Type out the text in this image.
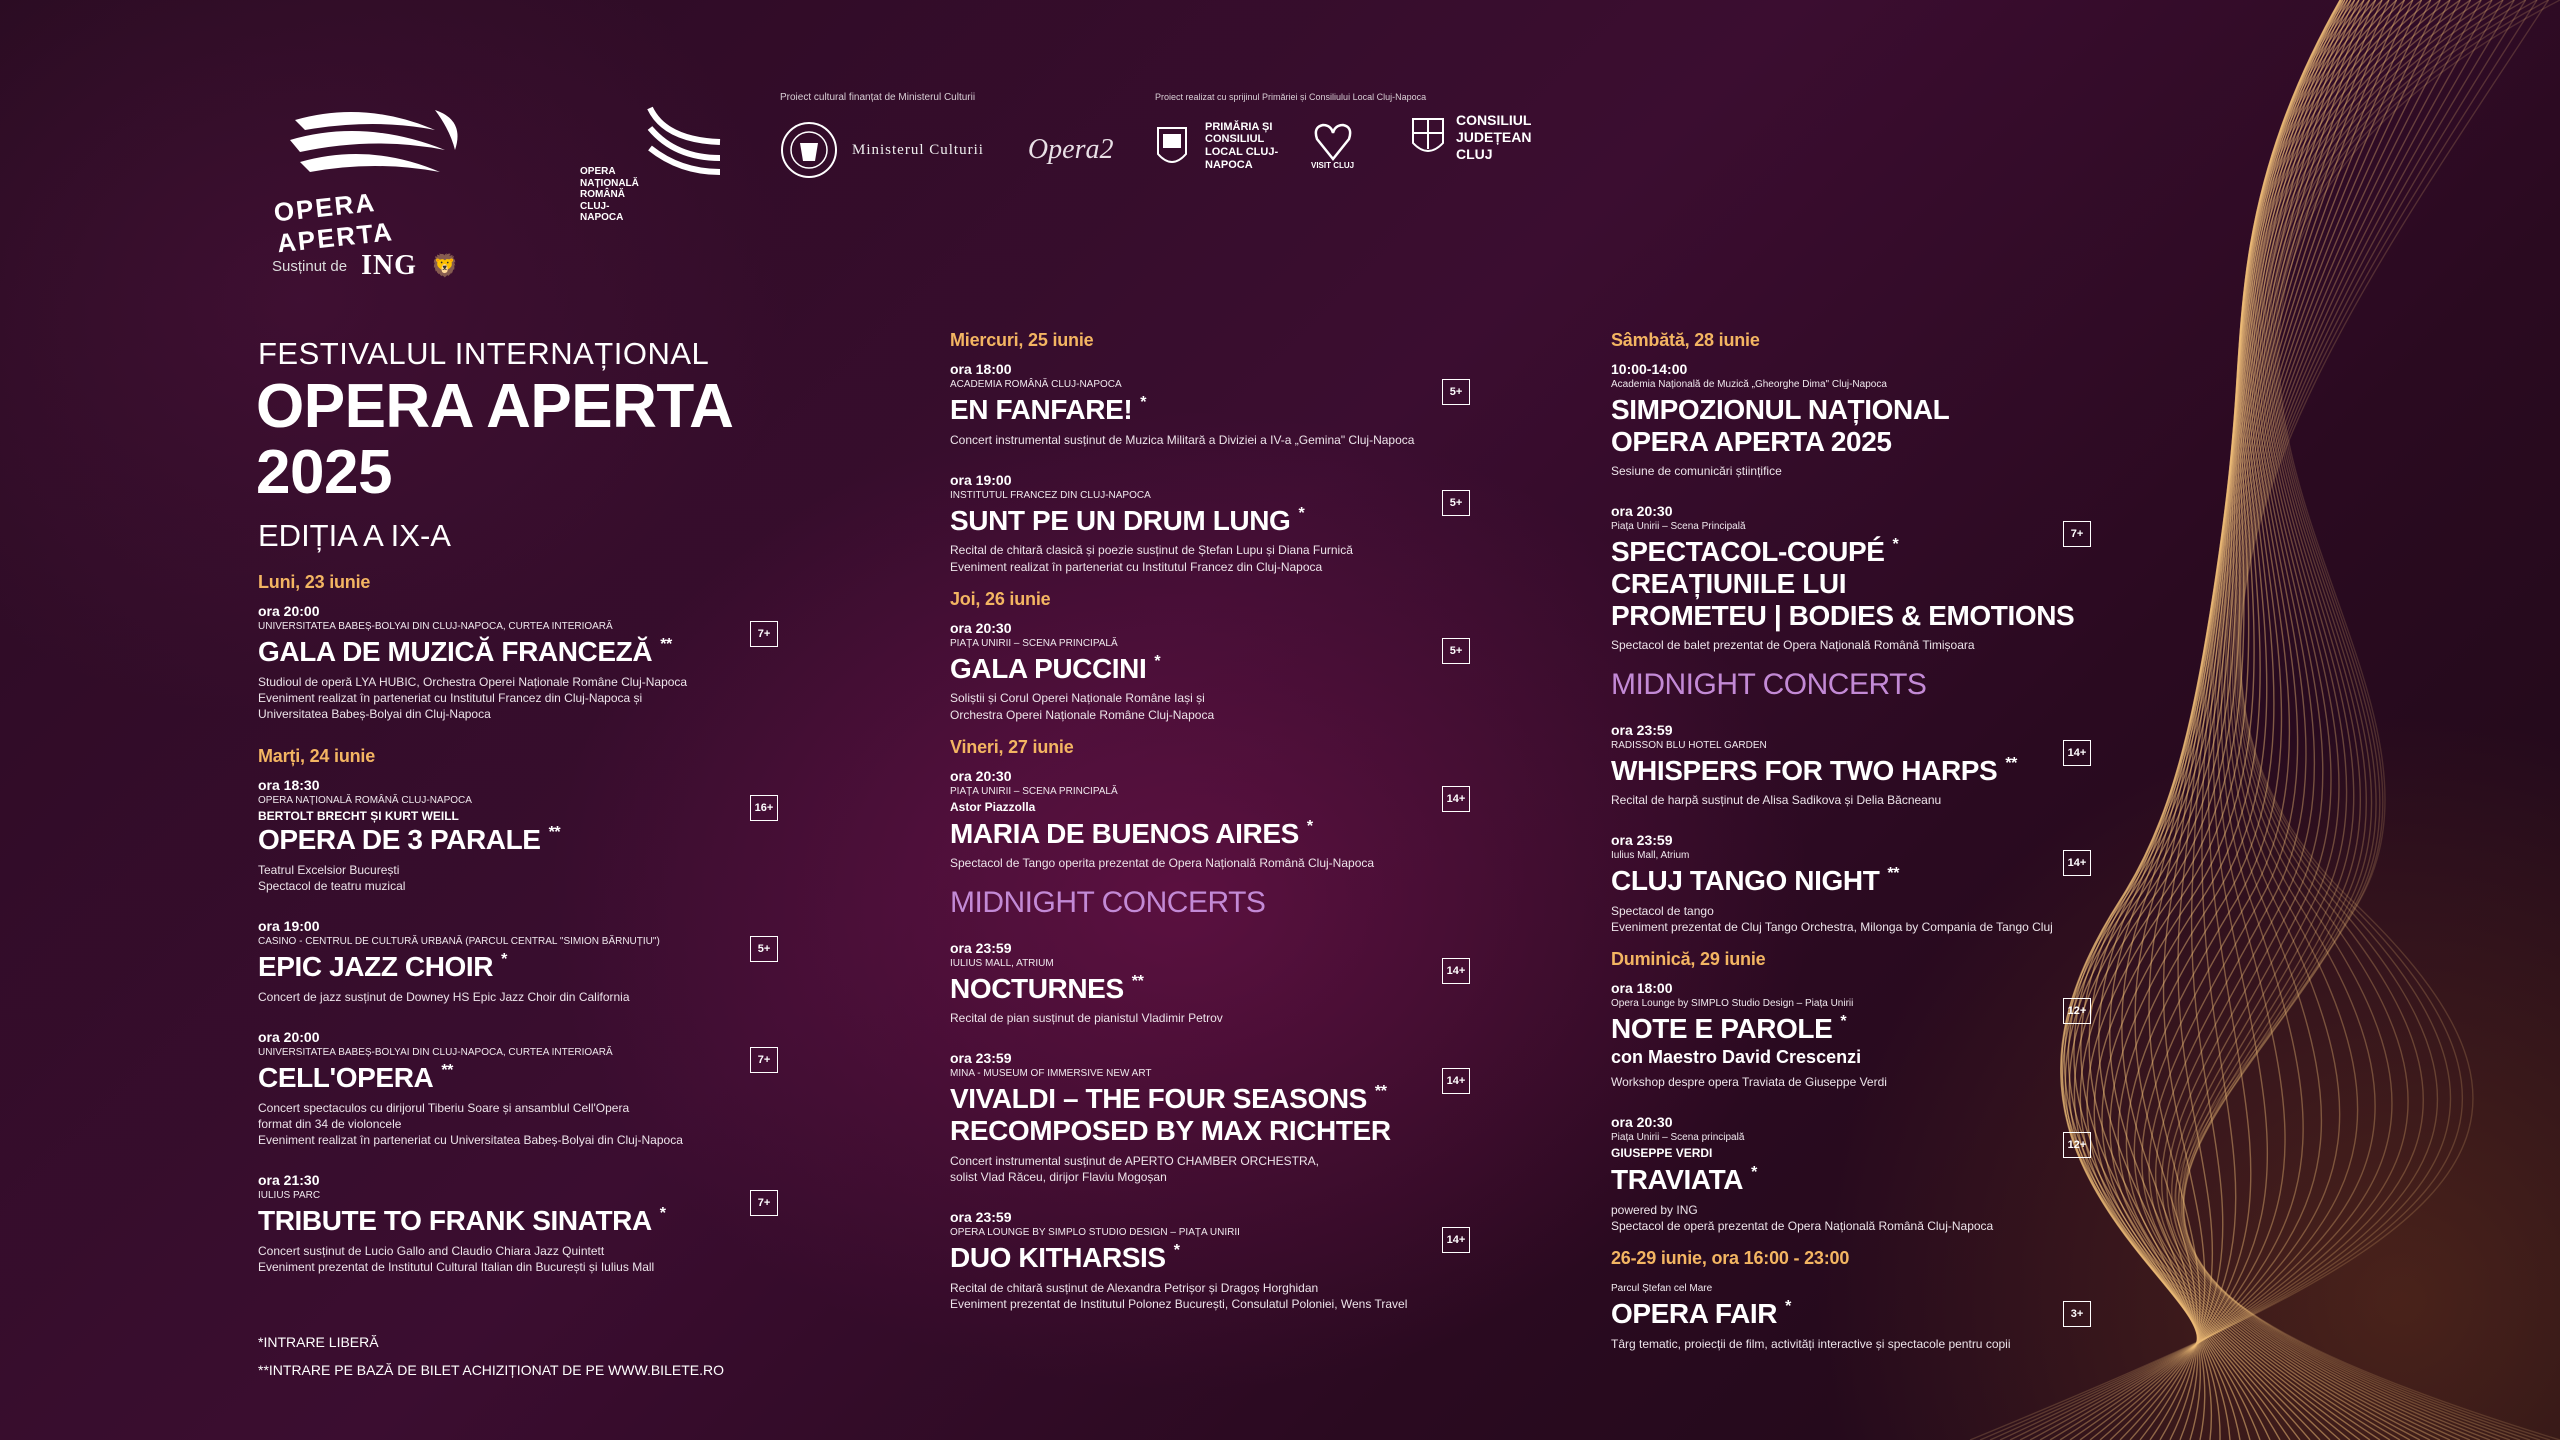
OPERA APERTA
OPERA NAȚIONALĂ ROMÂNĂ CLUJ-NAPOCA
Susținut de ING 🦁
Proiect cultural finanțat de Ministerul Culturii
Ministerul Culturii Opera2
Proiect realizat cu sprijinul Primăriei și Consiliului Local Cluj-Napoca
PRIMĂRIA ȘI CONSILIUL LOCAL CLUJ-NAPOCA	VISIT CLUJ
CONSILIUL JUDEȚEAN CLUJ
FESTIVALUL INTERNAȚIONAL
OPERA APERTA
2025
EDIȚIA A IX-A
Luni, 23 iunie
ora 20:00
UNIVERSITATEA BABEȘ-BOLYAI DIN CLUJ-NAPOCA, CURTEA INTERIOARĂ
GALA DE MUZICĂ FRANCEZĂ **
Studioul de operă LYA HUBIC, Orchestra Operei Naționale Române Cluj-Napoca
Eveniment realizat în parteneriat cu Institutul Francez din Cluj-Napoca și
Universitatea Babeș-Bolyai din Cluj-Napoca
7+
Marți, 24 iunie
ora 18:30
OPERA NAȚIONALĂ ROMÂNĂ CLUJ-NAPOCA
BERTOLT BRECHT ȘI KURT WEILL
OPERA DE 3 PARALE **
Teatrul Excelsior București
Spectacol de teatru muzical
16+
ora 19:00
CASINO - CENTRUL DE CULTURĂ URBANĂ (PARCUL CENTRAL "SIMION BĂRNUȚIU")
EPIC JAZZ CHOIR *
Concert de jazz susținut de Downey HS Epic Jazz Choir din California
5+
ora 20:00
UNIVERSITATEA BABEȘ-BOLYAI DIN CLUJ-NAPOCA, CURTEA INTERIOARĂ
CELL'OPERA **
Concert spectaculos cu dirijorul Tiberiu Soare și ansamblul Cell'Opera
format din 34 de violoncele
Eveniment realizat în parteneriat cu Universitatea Babeș-Bolyai din Cluj-Napoca
7+
ora 21:30
IULIUS PARC
TRIBUTE TO FRANK SINATRA *
Concert susținut de Lucio Gallo and Claudio Chiara Jazz Quintett
Eveniment prezentat de Institutul Cultural Italian din București și Iulius Mall
7+
*INTRARE LIBERĂ
**INTRARE PE BAZĂ DE BILET ACHIZIȚIONAT DE PE WWW.BILETE.RO
Miercuri, 25 iunie
ora 18:00
ACADEMIA ROMÂNĂ CLUJ-NAPOCA
EN FANFARE! *
Concert instrumental susținut de Muzica Militară a Diviziei a IV-a „Gemina" Cluj-Napoca
5+
ora 19:00
INSTITUTUL FRANCEZ DIN CLUJ-NAPOCA
SUNT PE UN DRUM LUNG *
Recital de chitară clasică și poezie susținut de Ștefan Lupu și Diana Furnică
Eveniment realizat în parteneriat cu Institutul Francez din Cluj-Napoca
5+
Joi, 26 iunie
ora 20:30
PIAȚA UNIRII – SCENA PRINCIPALĂ
GALA PUCCINI *
Soliștii și Corul Operei Naționale Române Iași și
Orchestra Operei Naționale Române Cluj-Napoca
5+
Vineri, 27 iunie
ora 20:30
PIAȚA UNIRII – SCENA PRINCIPALĂ
Astor Piazzolla
MARIA DE BUENOS AIRES *
Spectacol de Tango operita prezentat de Opera Națională Română Cluj-Napoca
14+
MIDNIGHT CONCERTS
ora 23:59
IULIUS MALL, ATRIUM
NOCTURNES **
Recital de pian susținut de pianistul Vladimir Petrov
14+
ora 23:59
MINA - MUSEUM OF IMMERSIVE NEW ART
VIVALDI – THE FOUR SEASONS **
RECOMPOSED BY MAX RICHTER
Concert instrumental susținut de APERTO CHAMBER ORCHESTRA,
solist Vlad Răceu, dirijor Flaviu Mogoșan
14+
ora 23:59
OPERA LOUNGE BY SIMPLO STUDIO DESIGN – PIAȚA UNIRII
DUO KITHARSIS *
Recital de chitară susținut de Alexandra Petrișor și Dragoș Horghidan
Eveniment prezentat de Institutul Polonez București, Consulatul Poloniei, Wens Travel
14+
Sâmbătă, 28 iunie
10:00-14:00
Academia Națională de Muzică „Gheorghe Dima" Cluj-Napoca
SIMPOZIONUL NAȚIONAL
OPERA APERTA 2025
Sesiune de comunicări științifice
ora 20:30
Piața Unirii – Scena Principală
SPECTACOL-COUPÉ *
CREAȚIUNILE LUI
PROMETEU | BODIES & EMOTIONS
Spectacol de balet prezentat de Opera Națională Română Timișoara
7+
MIDNIGHT CONCERTS
ora 23:59
RADISSON BLU HOTEL GARDEN
WHISPERS FOR TWO HARPS **
Recital de harpă susținut de Alisa Sadikova și Delia Băcneanu
14+
ora 23:59
Iulius Mall, Atrium
CLUJ TANGO NIGHT **
Spectacol de tango
Eveniment prezentat de Cluj Tango Orchestra, Milonga by Compania de Tango Cluj
14+
Duminică, 29 iunie
ora 18:00
Opera Lounge by SIMPLO Studio Design – Piața Unirii
NOTE E PAROLE *
con Maestro David Crescenzi
Workshop despre opera Traviata de Giuseppe Verdi
12+
ora 20:30
Piața Unirii – Scena principală
GIUSEPPE VERDI
TRAVIATA *
powered by ING
Spectacol de operă prezentat de Opera Națională Română Cluj-Napoca
12+
26-29 iunie, ora 16:00 - 23:00
Parcul Ștefan cel Mare
OPERA FAIR *
Târg tematic, proiecții de film, activități interactive și spectacole pentru copii
3+
